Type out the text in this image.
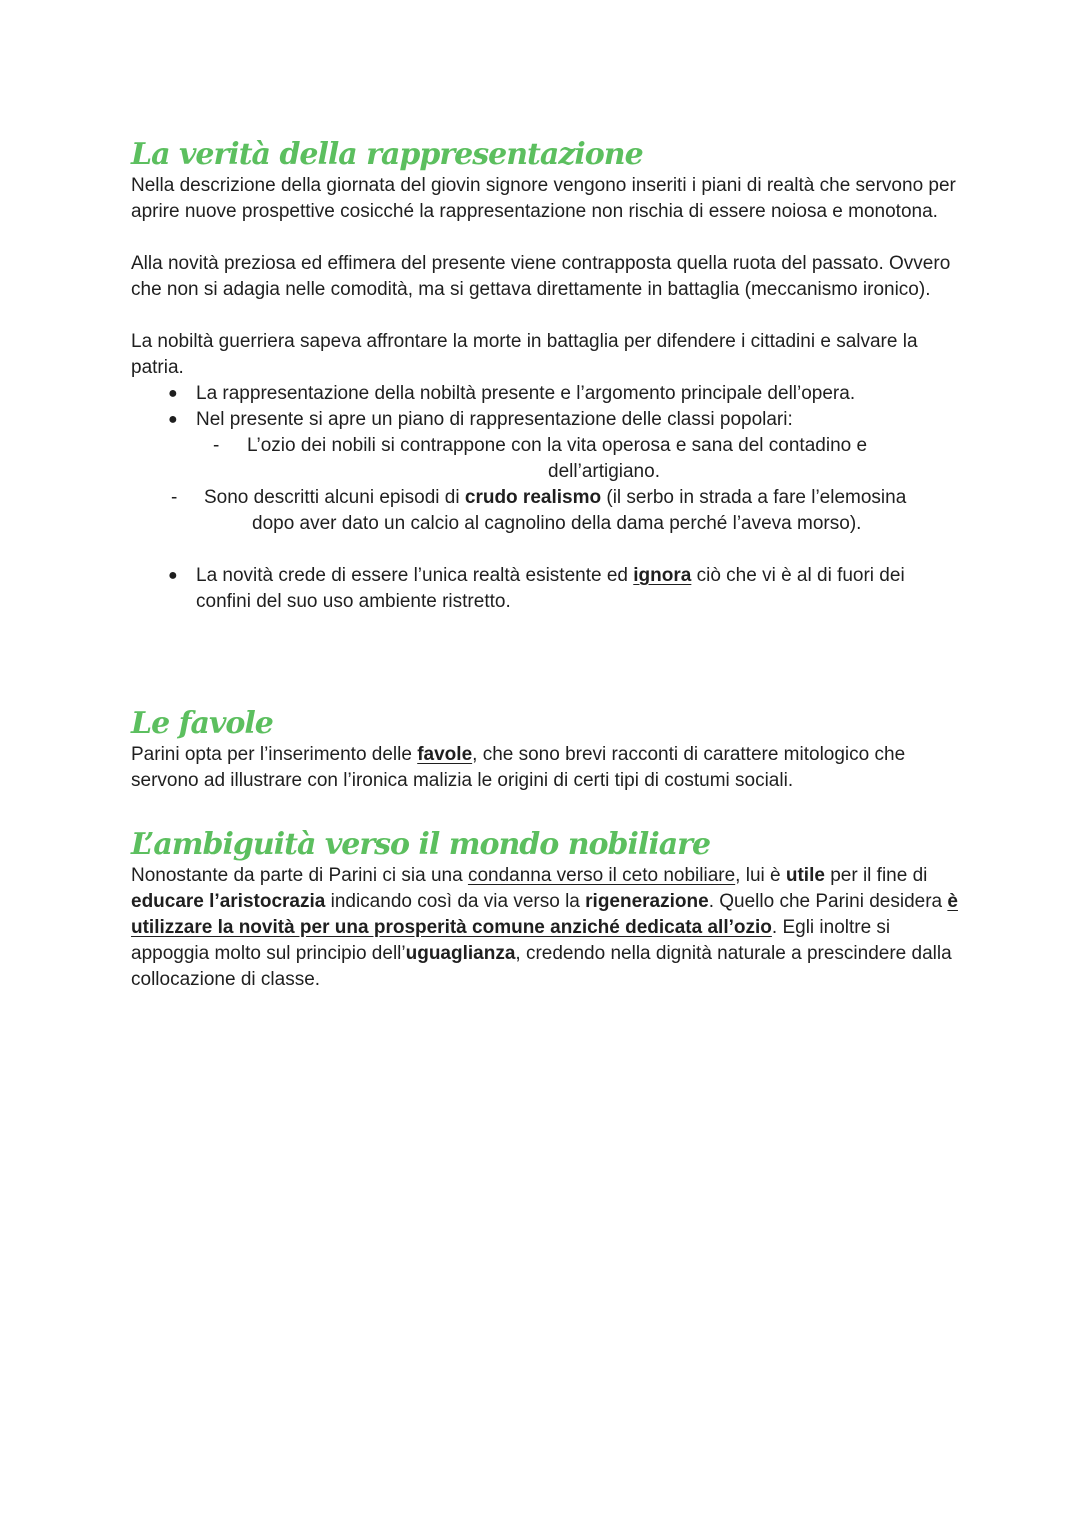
La verità della rappresentazione

Nella descrizione della giornata del giovin signore vengono inseriti i piani di realtà che servono per aprire nuove prospettive cosicché la rappresentazione non rischia di essere noiosa e monotona.

Alla novità preziosa ed effimera del presente viene contrapposta quella ruota del passato. Ovvero che non si adagia nelle comodità, ma si gettava direttamente in battaglia (meccanismo ironico).

La nobiltà guerriera sapeva affrontare la morte in battaglia per difendere i cittadini e salvare la patria.

● La rappresentazione della nobiltà presente e l’argomento principale dell’opera.
● Nel presente si apre un piano di rappresentazione delle classi popolari:
- L’ozio dei nobili si contrappone con la vita operosa e sana del contadino e
dell’artigiano.
- Sono descritti alcuni episodi di crudo realismo (il serbo in strada a fare l’elemosina
dopo aver dato un calcio al cagnolino della dama perché l’aveva morso).
● La novità crede di essere l’unica realtà esistente ed ignora ciò che vi è al di fuori dei confini del suo uso ambiente ristretto.
Le favole

Parini opta per l’inserimento delle favole, che sono brevi racconti di carattere mitologico che servono ad illustrare con l’ironica malizia le origini di certi tipi di costumi sociali.

L’ambiguità verso il mondo nobiliare

Nonostante da parte di Parini ci sia una condanna verso il ceto nobiliare, lui è utile per il fine di educare l’aristocrazia indicando così da via verso la rigenerazione. Quello che Parini desidera è utilizzare la novità per una prosperità comune anziché dedicata all’ozio. Egli inoltre si appoggia molto sul principio dell’uguaglianza, credendo nella dignità naturale a prescindere dalla collocazione di classe.
